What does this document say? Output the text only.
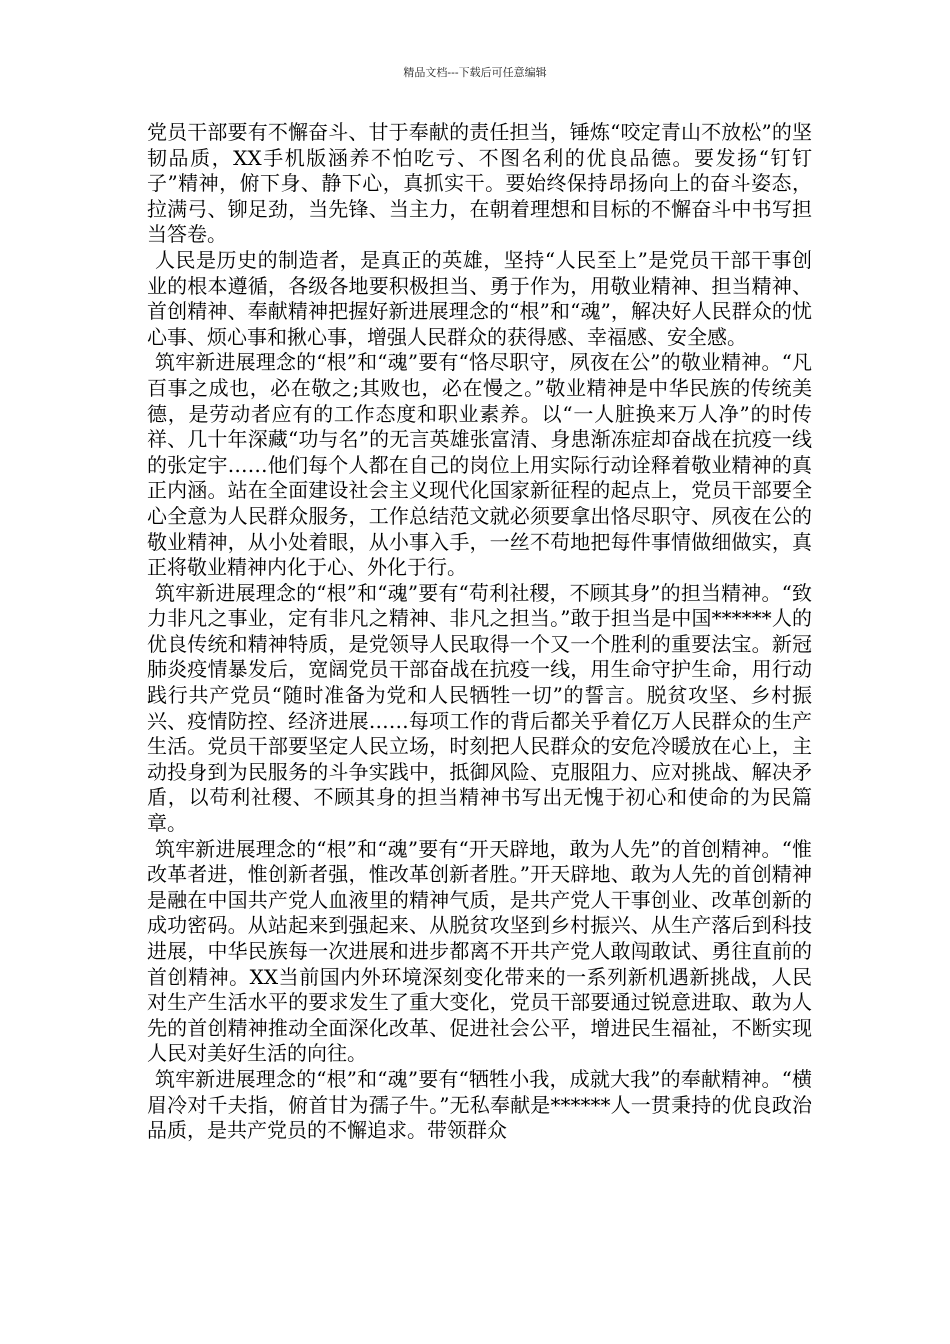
精品文档---下载后可任意编辑

党员干部要有不懈奋斗、甘于奉献的责任担当，锤炼“咬定青山不放松”的坚韧品质，XX手机版涵养不怕吃亏、不图名利的优良品德。要发扬“钉钉子”精神，俯下身、静下心，真抓实干。要始终保持昂扬向上的奋斗姿态，拉满弓、铆足劲，当先锋、当主力，在朝着理想和目标的不懈奋斗中书写担当答卷。

人民是历史的制造者，是真正的英雄，坚持“人民至上”是党员干部干事创业的根本遵循，各级各地要积极担当、勇于作为，用敬业精神、担当精神、首创精神、奉献精神把握好新进展理念的“根”和“魂”，解决好人民群众的忧心事、烦心事和揪心事，增强人民群众的获得感、幸福感、安全感。

筑牢新进展理念的“根”和“魂”要有“恪尽职守，夙夜在公”的敬业精神。“凡百事之成也，必在敬之;其败也，必在慢之。”敬业精神是中华民族的传统美德，是劳动者应有的工作态度和职业素养。以“一人脏换来万人净”的时传祥、几十年深藏“功与名”的无言英雄张富清、身患渐冻症却奋战在抗疫一线的张定宇……他们每个人都在自己的岗位上用实际行动诠释着敬业精神的真正内涵。站在全面建设社会主义现代化国家新征程的起点上，党员干部要全心全意为人民群众服务，工作总结范文就必须要拿出恪尽职守、夙夜在公的敬业精神，从小处着眼，从小事入手，一丝不苟地把每件事情做细做实，真正将敬业精神内化于心、外化于行。

筑牢新进展理念的“根”和“魂”要有“苟利社稷，不顾其身”的担当精神。“致力非凡之事业，定有非凡之精神、非凡之担当。”敢于担当是中国******人的优良传统和精神特质，是党领导人民取得一个又一个胜利的重要法宝。新冠肺炎疫情暴发后，宽阔党员干部奋战在抗疫一线，用生命守护生命，用行动践行共产党员“随时准备为党和人民牺牲一切”的誓言。脱贫攻坚、乡村振兴、疫情防控、经济进展……每项工作的背后都关乎着亿万人民群众的生产生活。党员干部要坚定人民立场，时刻把人民群众的安危冷暖放在心上，主动投身到为民服务的斗争实践中，抵御风险、克服阻力、应对挑战、解决矛盾，以苟利社稷、不顾其身的担当精神书写出无愧于初心和使命的为民篇章。

筑牢新进展理念的“根”和“魂”要有“开天辟地，敢为人先”的首创精神。“惟改革者进，惟创新者强，惟改革创新者胜。”开天辟地、敢为人先的首创精神是融在中国共产党人血液里的精神气质，是共产党人干事创业、改革创新的成功密码。从站起来到强起来、从脱贫攻坚到乡村振兴、从生产落后到科技进展，中华民族每一次进展和进步都离不开共产党人敢闯敢试、勇往直前的首创精神。XX当前国内外环境深刻变化带来的一系列新机遇新挑战，人民对生产生活水平的要求发生了重大变化，党员干部要通过锐意进取、敢为人先的首创精神推动全面深化改革、促进社会公平，增进民生福祉，不断实现人民对美好生活的向往。

筑牢新进展理念的“根”和“魂”要有“牺牲小我，成就大我”的奉献精神。“横眉冷对千夫指，俯首甘为孺子牛。”无私奉献是******人一贯秉持的优良政治品质，是共产党员的不懈追求。带领群众
